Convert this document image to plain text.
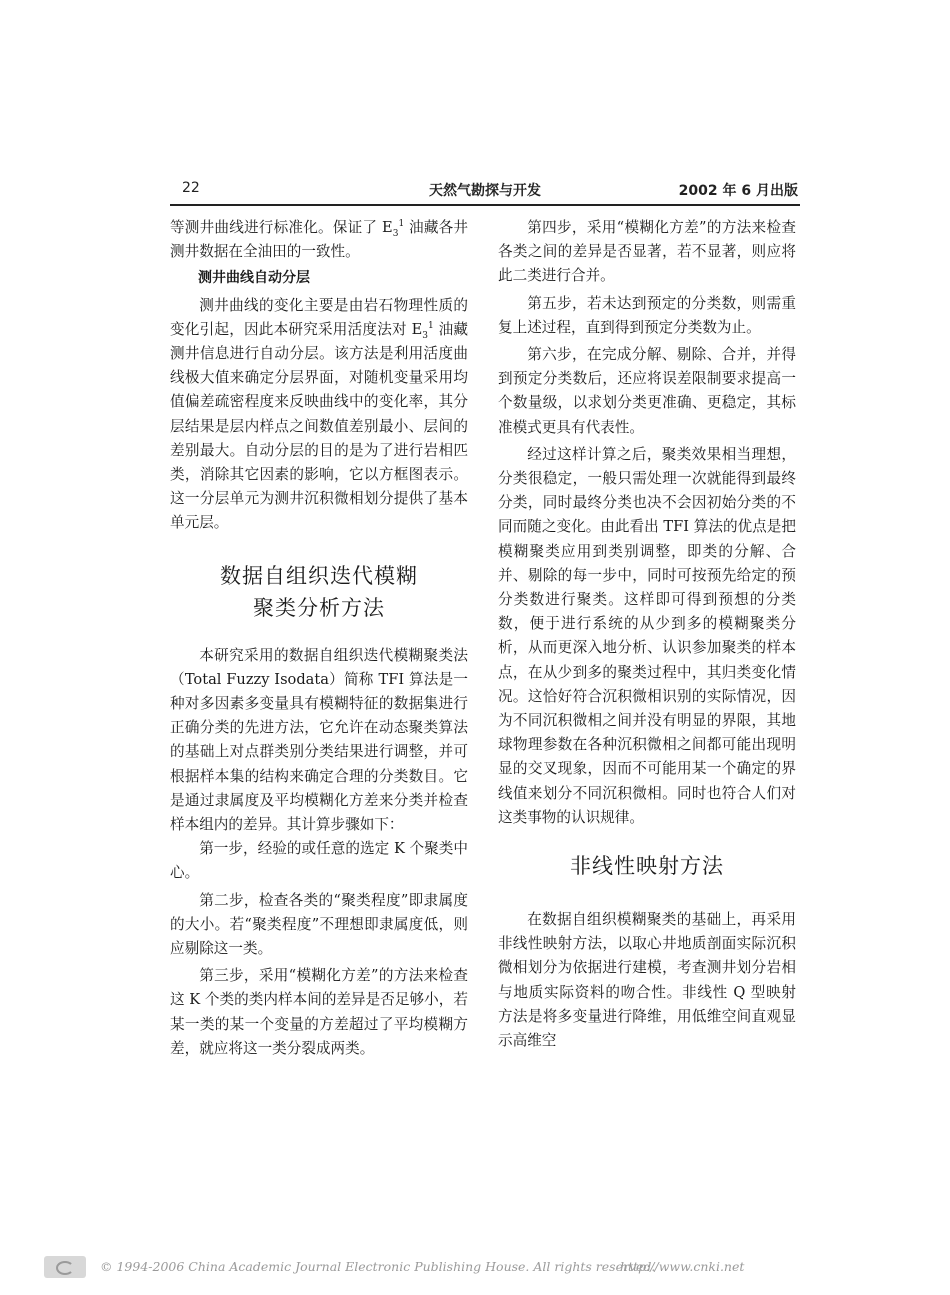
22	天然气勘探与开发	2002 年 6 月出版

等测井曲线进行标准化。保证了 $E_3^1$ 油藏各井测井数据在全油田的一致性。

测井曲线自动分层

测井曲线的变化主要是由岩石物理性质的变化引起，因此本研究采用活度法对 $E_3^1$ 油藏测井信息进行自动分层。该方法是利用活度曲线极大值来确定分层界面，对随机变量采用均值偏差疏密程度来反映曲线中的变化率，其分层结果是层内样点之间数值差别最小、层间的差别最大。自动分层的目的是为了进行岩相匹类，消除其它因素的影响，它以方框图表示。这一分层单元为测井沉积微相划分提供了基本单元层。

数据自组织迭代模糊
聚类分析方法

本研究采用的数据自组织迭代模糊聚类法（Total Fuzzy Isodata）简称 TFI 算法是一种对多因素多变量具有模糊特征的数据集进行正确分类的先进方法，它允许在动态聚类算法的基础上对点群类别分类结果进行调整，并可根据样本集的结构来确定合理的分类数目。它是通过隶属度及平均模糊化方差来分类并检查样本组内的差异。其计算步骤如下：

第一步，经验的或任意的选定 K 个聚类中心。

第二步，检查各类的“聚类程度”即隶属度的大小。若“聚类程度”不理想即隶属度低，则应剔除这一类。

第三步，采用“模糊化方差”的方法来检查这 K 个类的类内样本间的差异是否足够小，若某一类的某一个变量的方差超过了平均模糊方差，就应将这一类分裂成两类。

第四步，采用“模糊化方差”的方法来检查各类之间的差异是否显著，若不显著，则应将此二类进行合并。

第五步，若未达到预定的分类数，则需重复上述过程，直到得到预定分类数为止。

第六步，在完成分解、剔除、合并，并得到预定分类数后，还应将误差限制要求提高一个数量级，以求划分类更准确、更稳定，其标准模式更具有代表性。

经过这样计算之后，聚类效果相当理想，分类很稳定，一般只需处理一次就能得到最终分类，同时最终分类也决不会因初始分类的不同而随之变化。由此看出 TFI 算法的优点是把模糊聚类应用到类别调整，即类的分解、合并、剔除的每一步中，同时可按预先给定的预分类数进行聚类。这样即可得到预想的分类数，便于进行系统的从少到多的模糊聚类分析，从而更深入地分析、认识参加聚类的样本点，在从少到多的聚类过程中，其归类变化情况。这恰好符合沉积微相识别的实际情况，因为不同沉积微相之间并没有明显的界限，其地球物理参数在各种沉积微相之间都可能出现明显的交叉现象，因而不可能用某一个确定的界线值来划分不同沉积微相。同时也符合人们对这类事物的认识规律。

非线性映射方法

在数据自组织模糊聚类的基础上，再采用非线性映射方法，以取心井地质剖面实际沉积微相划分为依据进行建模，考查测井划分岩相与地质实际资料的吻合性。非线性 Q 型映射方法是将多变量进行降维，用低维空间直观显示高维空

© 1994-2006 China Academic Journal Electronic Publishing House. All rights reserved.
http://www.cnki.net
